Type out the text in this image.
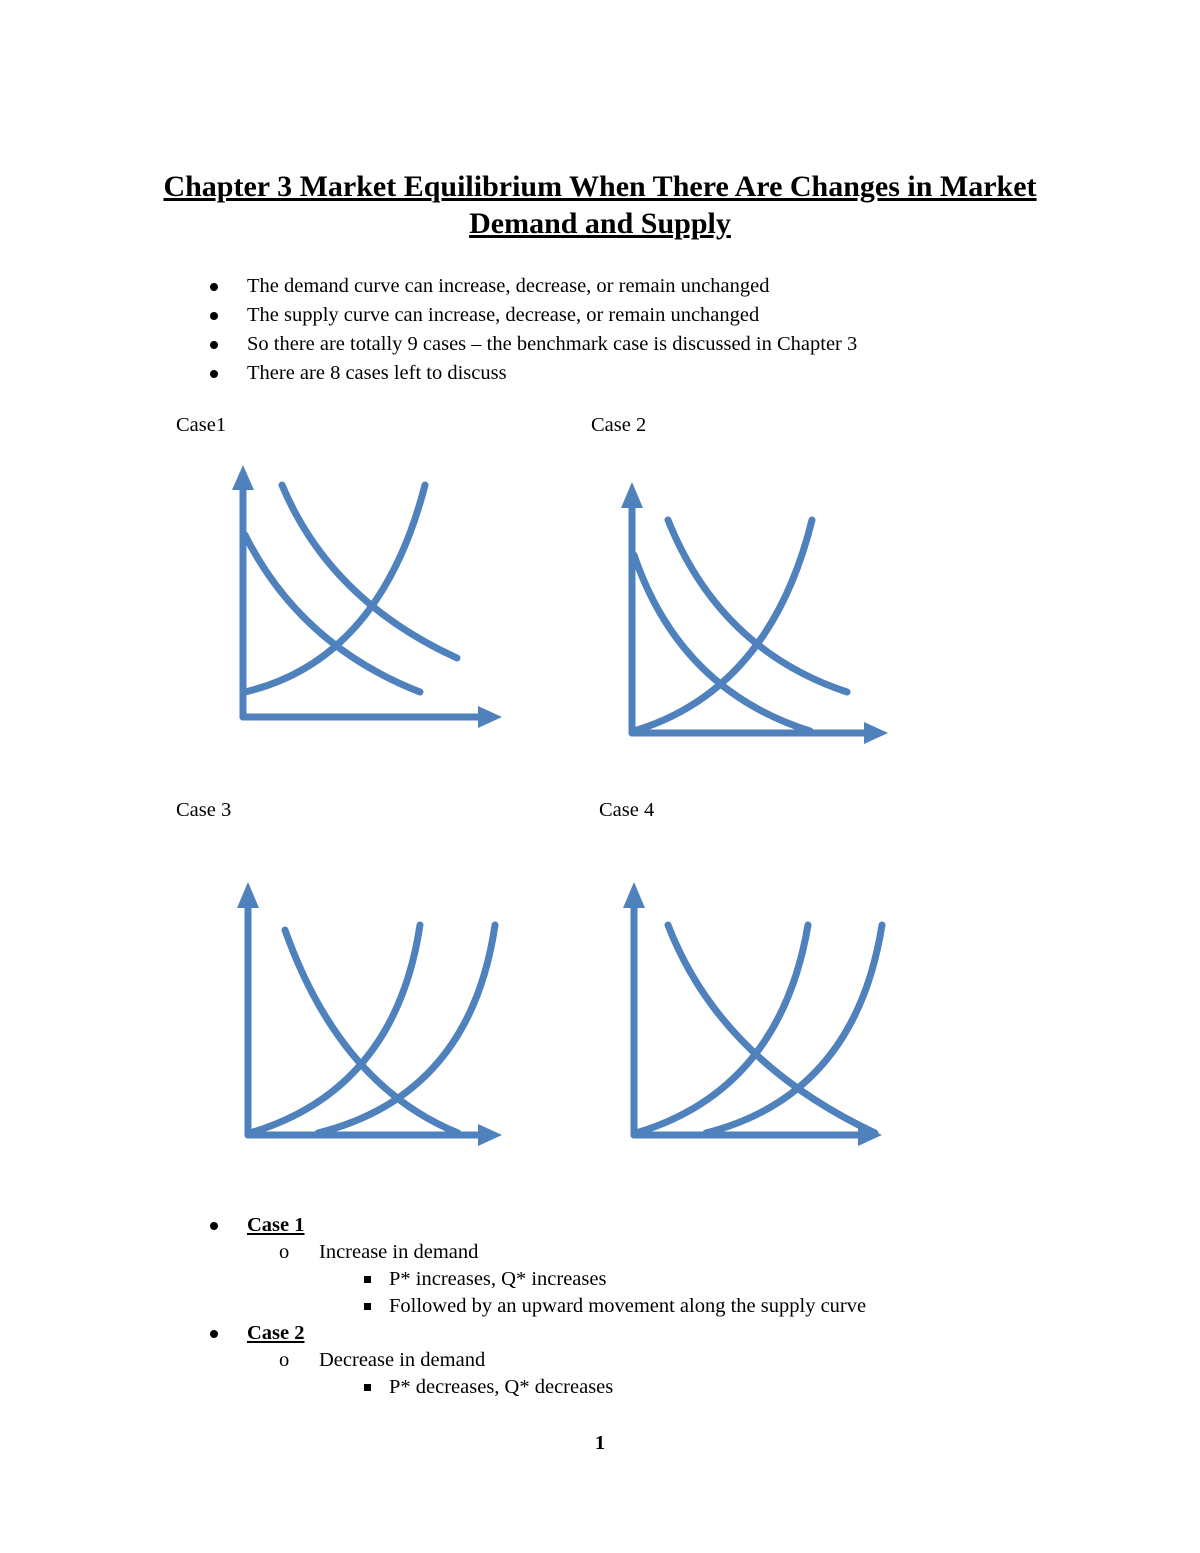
Chapter 3 Market Equilibrium When There Are Changes in Market Demand and Supply
The demand curve can increase, decrease, or remain unchanged
The supply curve can increase, decrease, or remain unchanged
So there are totally 9 cases – the benchmark case is discussed in Chapter 3
There are 8 cases left to discuss
Case1	Case 2
Case 3	Case 4
Case 1
o Increase in demand
P* increases, Q* increases
Followed by an upward movement along the supply curve
Case 2
o Decrease in demand
P* decreases, Q* decreases
1
